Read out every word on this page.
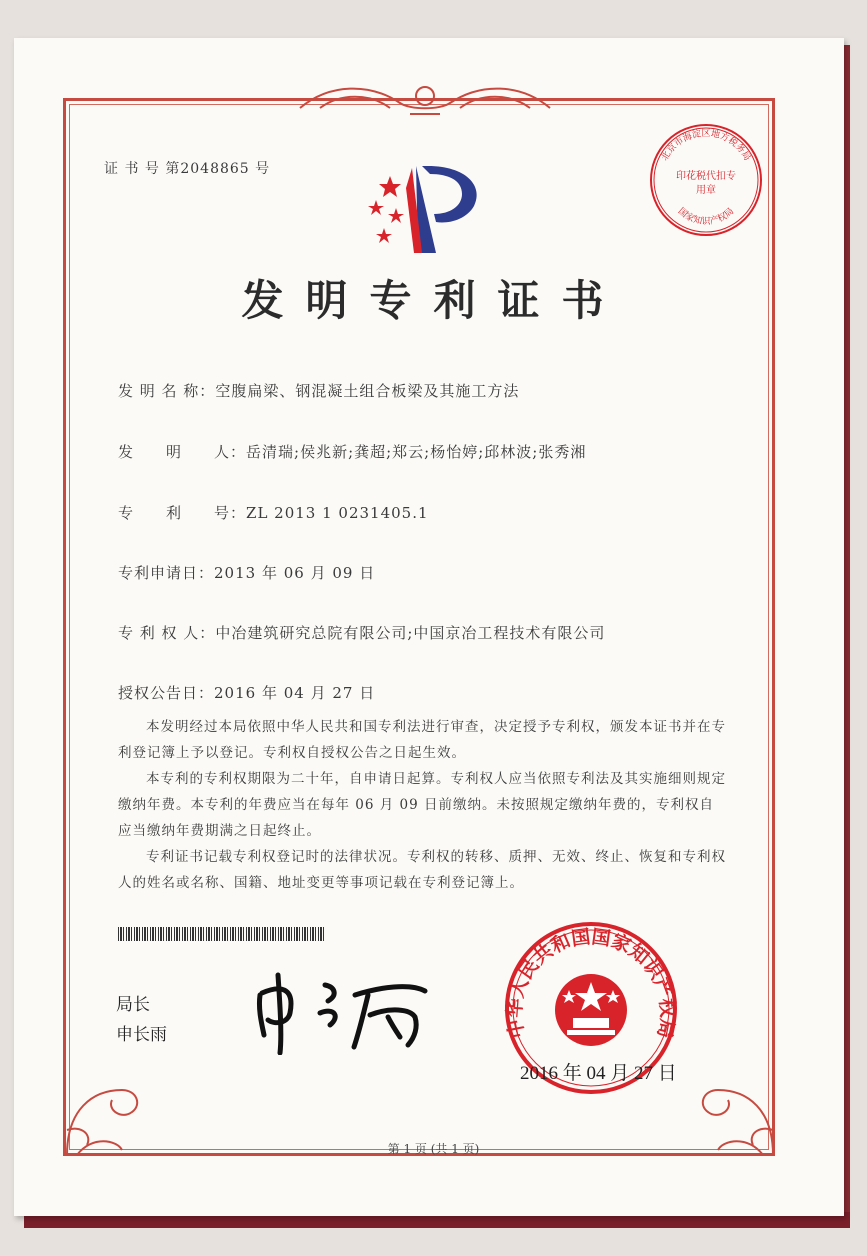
证 书 号 第2048865 号
发明专利证书
北京市海淀区地方税务局
国家知识产权局
印花税代扣专用章
发 明 名 称：空腹扁梁、钢混凝土组合板梁及其施工方法
发　　明　　人：岳清瑞;侯兆新;龚超;郑云;杨怡婷;邱林波;张秀湘
专　　利　　号：ZL 2013 1 0231405.1
专利申请日：2013 年 06 月 09 日
专 利 权 人：中冶建筑研究总院有限公司;中国京冶工程技术有限公司
授权公告日：2016 年 04 月 27 日

本发明经过本局依照中华人民共和国专利法进行审查，决定授予专利权，颁发本证书并在专利登记簿上予以登记。专利权自授权公告之日起生效。

本专利的专利权期限为二十年，自申请日起算。专利权人应当依照专利法及其实施细则规定缴纳年费。本专利的年费应当在每年 06 月 09 日前缴纳。未按照规定缴纳年费的，专利权自应当缴纳年费期满之日起终止。

专利证书记载专利权登记时的法律状况。专利权的转移、质押、无效、终止、恢复和专利权人的姓名或名称、国籍、地址变更等事项记载在专利登记簿上。

局长
申长雨	中华人民共和国国家知识产权局
2016 年 04 月 27 日
第 1 页 (共 1 页)
